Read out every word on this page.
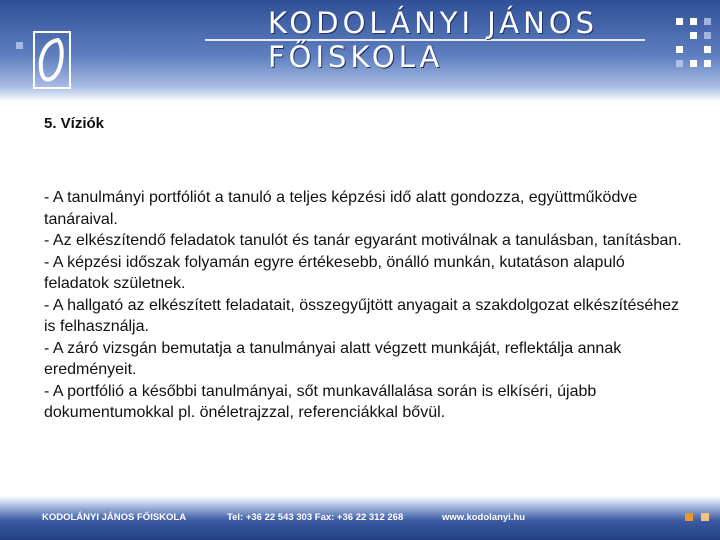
KODOLÁNYI JÁNOS FŐISKOLA
5. Víziók
- A tanulmányi portfóliót a tanuló a teljes képzési idő alatt gondozza, együttműködve tanáraival.
- Az elkészítendő feladatok tanulót és tanár egyaránt motiválnak a tanulásban, tanításban.
- A képzési időszak folyamán egyre értékesebb, önálló munkán, kutatáson alapuló feladatok születnek.
- A hallgató az elkészített feladatait, összegyűjtött anyagait a szakdolgozat elkészítéséhez is felhasználja.
- A záró vizsgán bemutatja a tanulmányai alatt végzett munkáját, reflektálja annak eredményeit.
- A portfólió a későbbi tanulmányai, sőt munkavállalása során is elkíséri, újabb dokumentumokkal pl. önéletrajzzal, referenciákkal bővül.
KODOLÁNYI JÁNOS FŐISKOLA	Tel: +36 22 543 303 Fax: +36 22 312 268	www.kodolanyi.hu
